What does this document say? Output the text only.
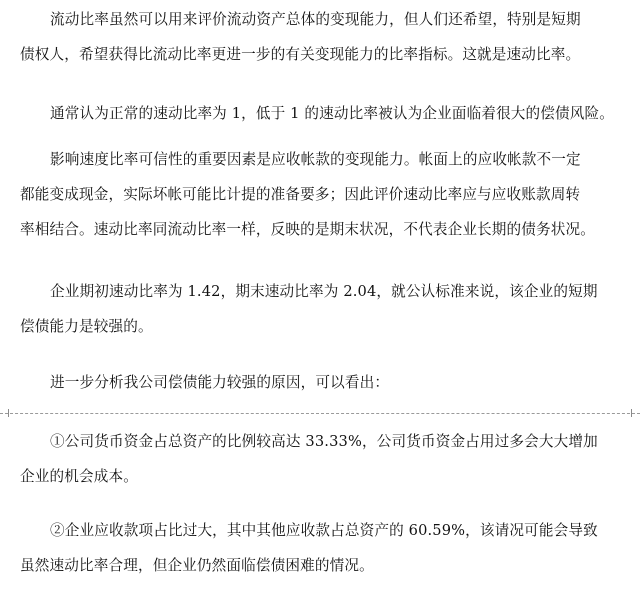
流动比率虽然可以用来评价流动资产总体的变现能力，但人们还希望，特别是短期
债权人，希望获得比流动比率更进一步的有关变现能力的比率指标。这就是速动比率。

通常认为正常的速动比率为 1，低于 1 的速动比率被认为企业面临着很大的偿债风险。

影响速度比率可信性的重要因素是应收帐款的变现能力。帐面上的应收帐款不一定
都能变成现金，实际坏帐可能比计提的准备要多；因此评价速动比率应与应收账款周转
率相结合。速动比率同流动比率一样，反映的是期末状况，不代表企业长期的债务状况。

企业期初速动比率为 1.42，期末速动比率为 2.04，就公认标准来说，该企业的短期
偿债能力是较强的。

进一步分析我公司偿债能力较强的原因，可以看出：

①公司货币资金占总资产的比例较高达 33.33%，公司货币资金占用过多会大大增加
企业的机会成本。

②企业应收款项占比过大，其中其他应收款占总资产的 60.59%，该请况可能会导致
虽然速动比率合理，但企业仍然面临偿债困难的情况。
